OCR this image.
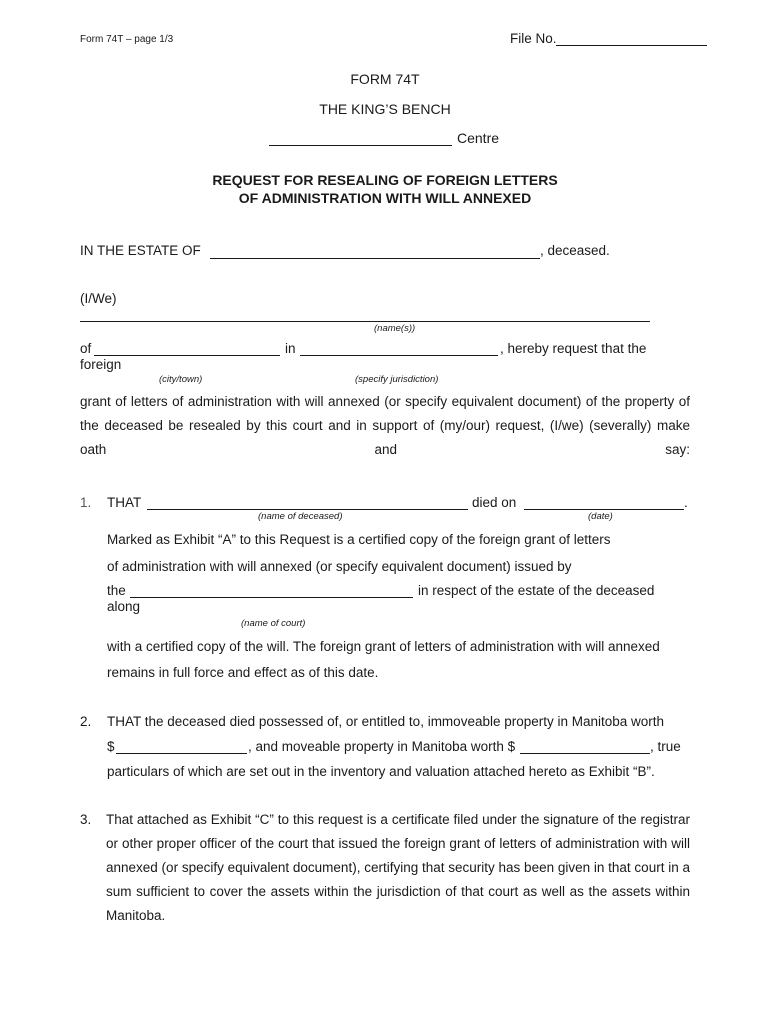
Form 74T – page 1/3	File No.
FORM 74T
THE KING’S BENCH
Centre
REQUEST FOR RESEALING OF FOREIGN LETTERS
OF ADMINISTRATION WITH WILL ANNEXED
IN THE ESTATE OF	, deceased.
(I/We)
(name(s))
of	in	, hereby request that the
foreign
(city/town)	(specify jurisdiction)
grant of letters of administration with will annexed (or specify equivalent document) of the property of the deceased be resealed by this court and in support of (my/our) request, (I/we) (severally) make oath and say:
1. THAT	died on	.
(name of deceased)	(date)
Marked as Exhibit “A” to this Request is a certified copy of the foreign grant of letters
of administration with will annexed (or specify equivalent document) issued by
the	in respect of the estate of the deceased
along
(name of court)
with a certified copy of the will. The foreign grant of letters of administration with will annexed
remains in full force and effect as of this date.
2. THAT the deceased died possessed of, or entitled to, immoveable property in Manitoba worth
$	, and moveable property in Manitoba worth $	, true
particulars of which are set out in the inventory and valuation attached hereto as Exhibit “B”.
3. That attached as Exhibit “C” to this request is a certificate filed under the signature of the registrar or other proper officer of the court that issued the foreign grant of letters of administration with will annexed (or specify equivalent document), certifying that security has been given in that court in a sum sufficient to cover the assets within the jurisdiction of that court as well as the assets within Manitoba.
